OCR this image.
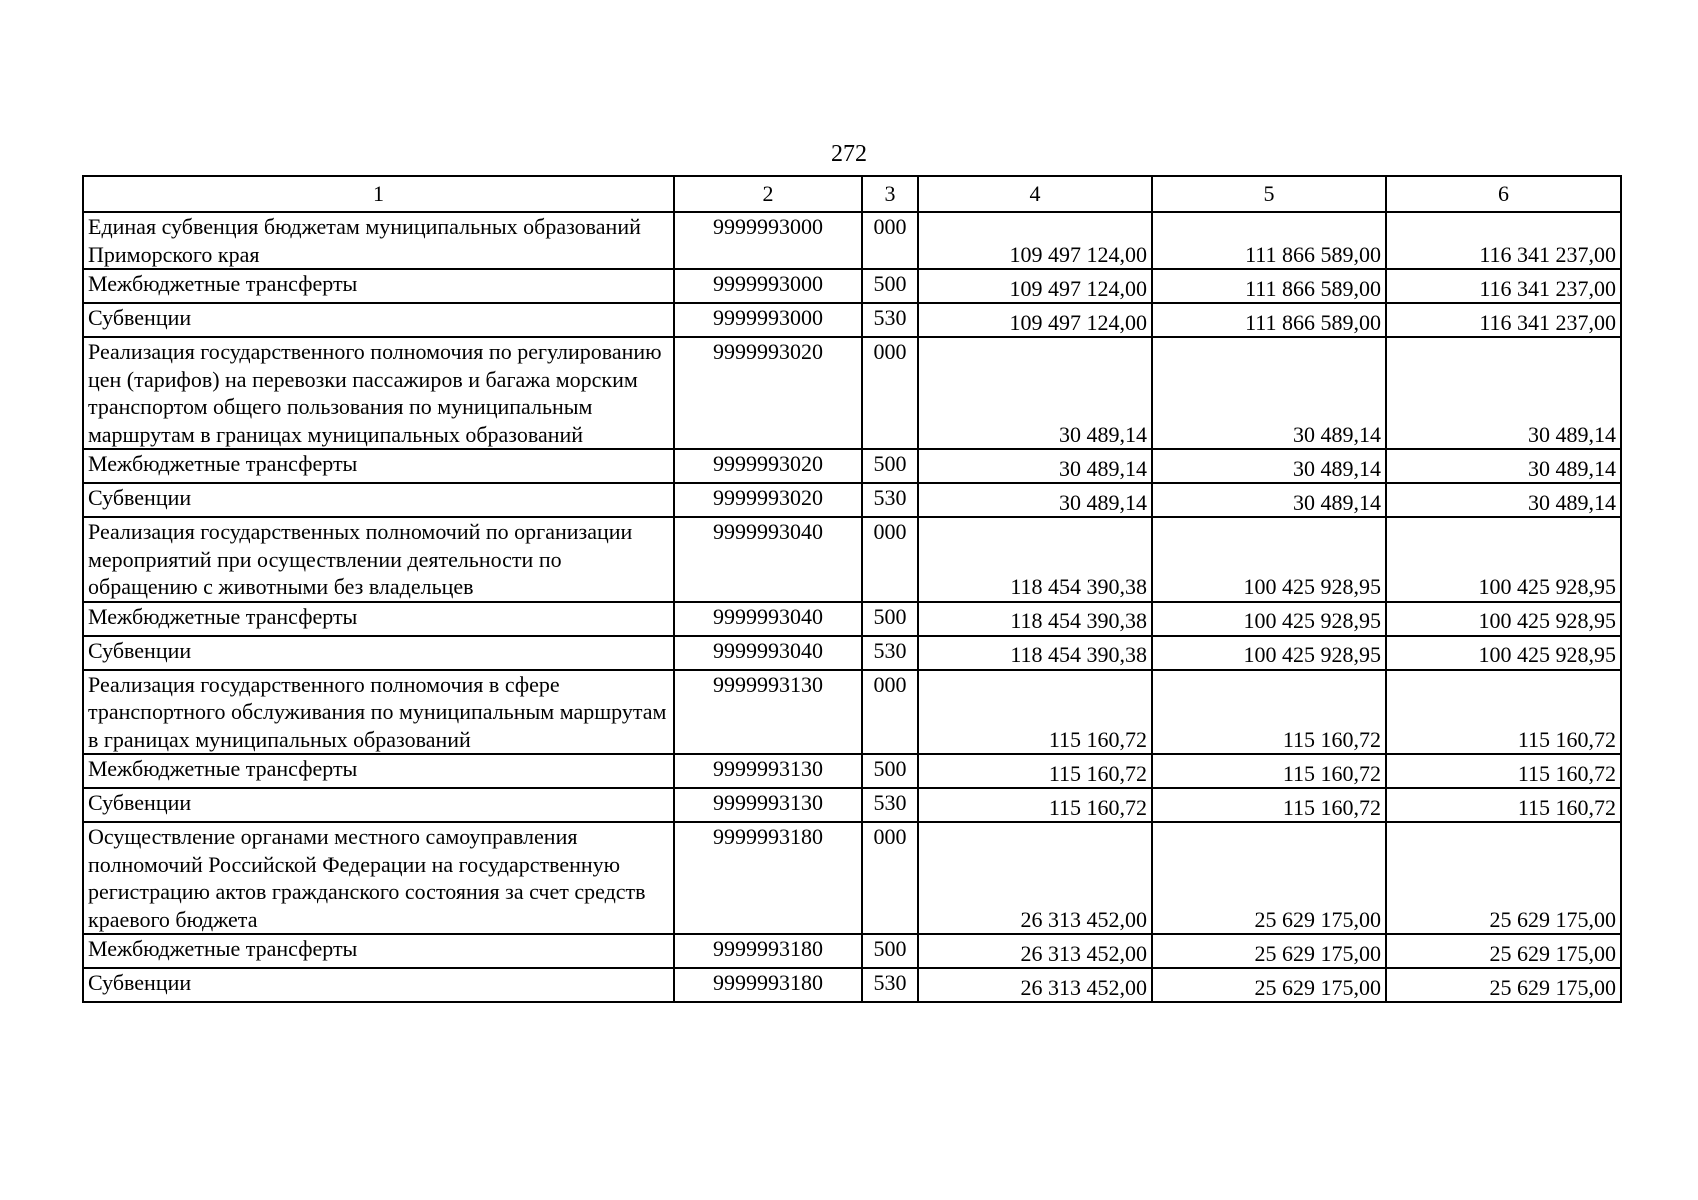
272
1	2	3	4	5	6
Единая субвенция бюджетам муниципальных образований Приморского края	9999993000	000	109 497 124,00	111 866 589,00	116 341 237,00
Межбюджетные трансферты	9999993000	500	109 497 124,00	111 866 589,00	116 341 237,00
Субвенции	9999993000	530	109 497 124,00	111 866 589,00	116 341 237,00
Реализация государственного полномочия по регулированию цен (тарифов) на перевозки пассажиров и багажа морским транспортом общего пользования по муниципальным маршрутам в границах муниципальных образований	9999993020	000	30 489,14	30 489,14	30 489,14
Межбюджетные трансферты	9999993020	500	30 489,14	30 489,14	30 489,14
Субвенции	9999993020	530	30 489,14	30 489,14	30 489,14
Реализация государственных полномочий по организации мероприятий при осуществлении деятельности по обращению с животными без владельцев	9999993040	000	118 454 390,38	100 425 928,95	100 425 928,95
Межбюджетные трансферты	9999993040	500	118 454 390,38	100 425 928,95	100 425 928,95
Субвенции	9999993040	530	118 454 390,38	100 425 928,95	100 425 928,95
Реализация государственного полномочия в сфере транспортного обслуживания по муниципальным маршрутам в границах муниципальных образований	9999993130	000	115 160,72	115 160,72	115 160,72
Межбюджетные трансферты	9999993130	500	115 160,72	115 160,72	115 160,72
Субвенции	9999993130	530	115 160,72	115 160,72	115 160,72
Осуществление органами местного самоуправления полномочий Российской Федерации на государственную регистрацию актов гражданского состояния за счет средств краевого бюджета	9999993180	000	26 313 452,00	25 629 175,00	25 629 175,00
Межбюджетные трансферты	9999993180	500	26 313 452,00	25 629 175,00	25 629 175,00
Субвенции	9999993180	530	26 313 452,00	25 629 175,00	25 629 175,00
